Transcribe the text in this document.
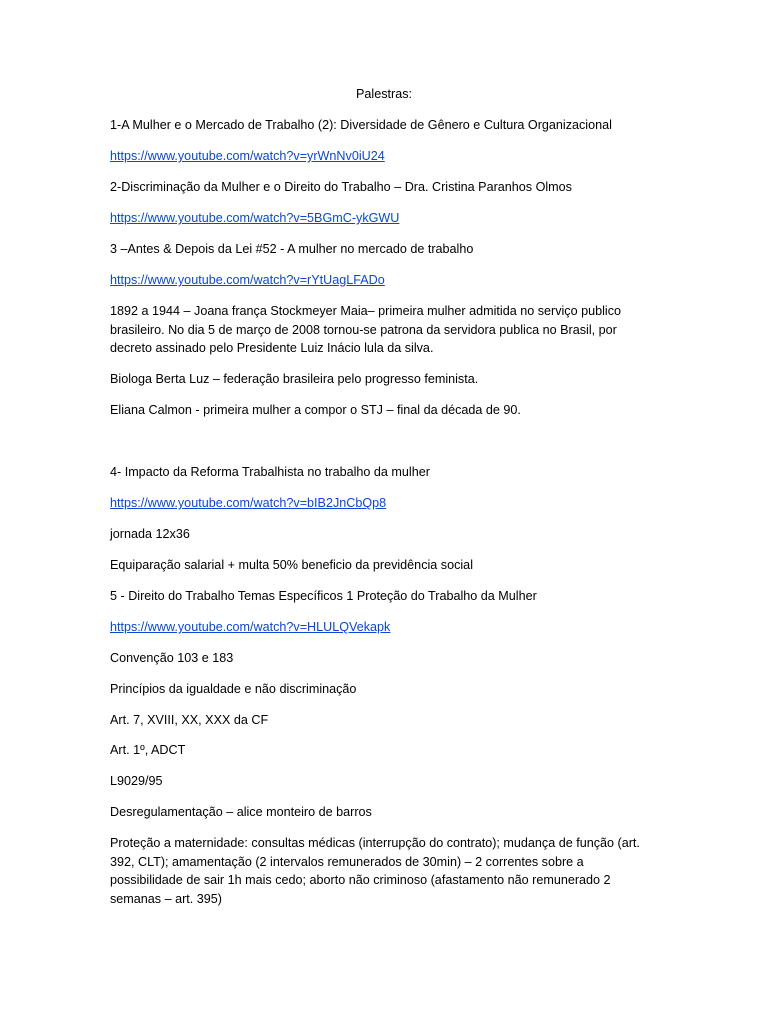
Palestras:
1-A Mulher e o Mercado de Trabalho (2): Diversidade de Gênero e Cultura Organizacional
https://www.youtube.com/watch?v=yrWnNv0iU24
2-Discriminação da Mulher e o Direito do Trabalho – Dra. Cristina Paranhos Olmos
https://www.youtube.com/watch?v=5BGmC-ykGWU
3 –Antes & Depois da Lei #52 - A mulher no mercado de trabalho
https://www.youtube.com/watch?v=rYtUagLFADo
1892 a 1944 – Joana frança Stockmeyer Maia– primeira mulher admitida no serviço publico brasileiro. No dia 5 de março de 2008 tornou-se patrona da servidora publica no Brasil, por decreto assinado pelo Presidente Luiz Inácio lula da silva.
Biologa Berta Luz – federação brasileira pelo progresso feminista.
Eliana Calmon - primeira mulher a compor o STJ – final da década de 90.
4- Impacto da Reforma Trabalhista no trabalho da mulher
https://www.youtube.com/watch?v=bIB2JnCbQp8
jornada 12x36
Equiparação salarial + multa 50% beneficio da previdência social
5 - Direito do Trabalho Temas Específicos 1 Proteção do Trabalho da Mulher
https://www.youtube.com/watch?v=HLULQVekapk
Convenção 103 e 183
Princípios da igualdade e não discriminação
Art. 7, XVIII, XX, XXX da CF
Art. 1º, ADCT
L9029/95
Desregulamentação – alice monteiro de barros
Proteção a maternidade: consultas médicas (interrupção do contrato); mudança de função (art. 392, CLT); amamentação (2 intervalos remunerados de 30min) – 2 correntes sobre a possibilidade de sair 1h mais cedo; aborto não criminoso (afastamento não remunerado 2 semanas – art. 395)
